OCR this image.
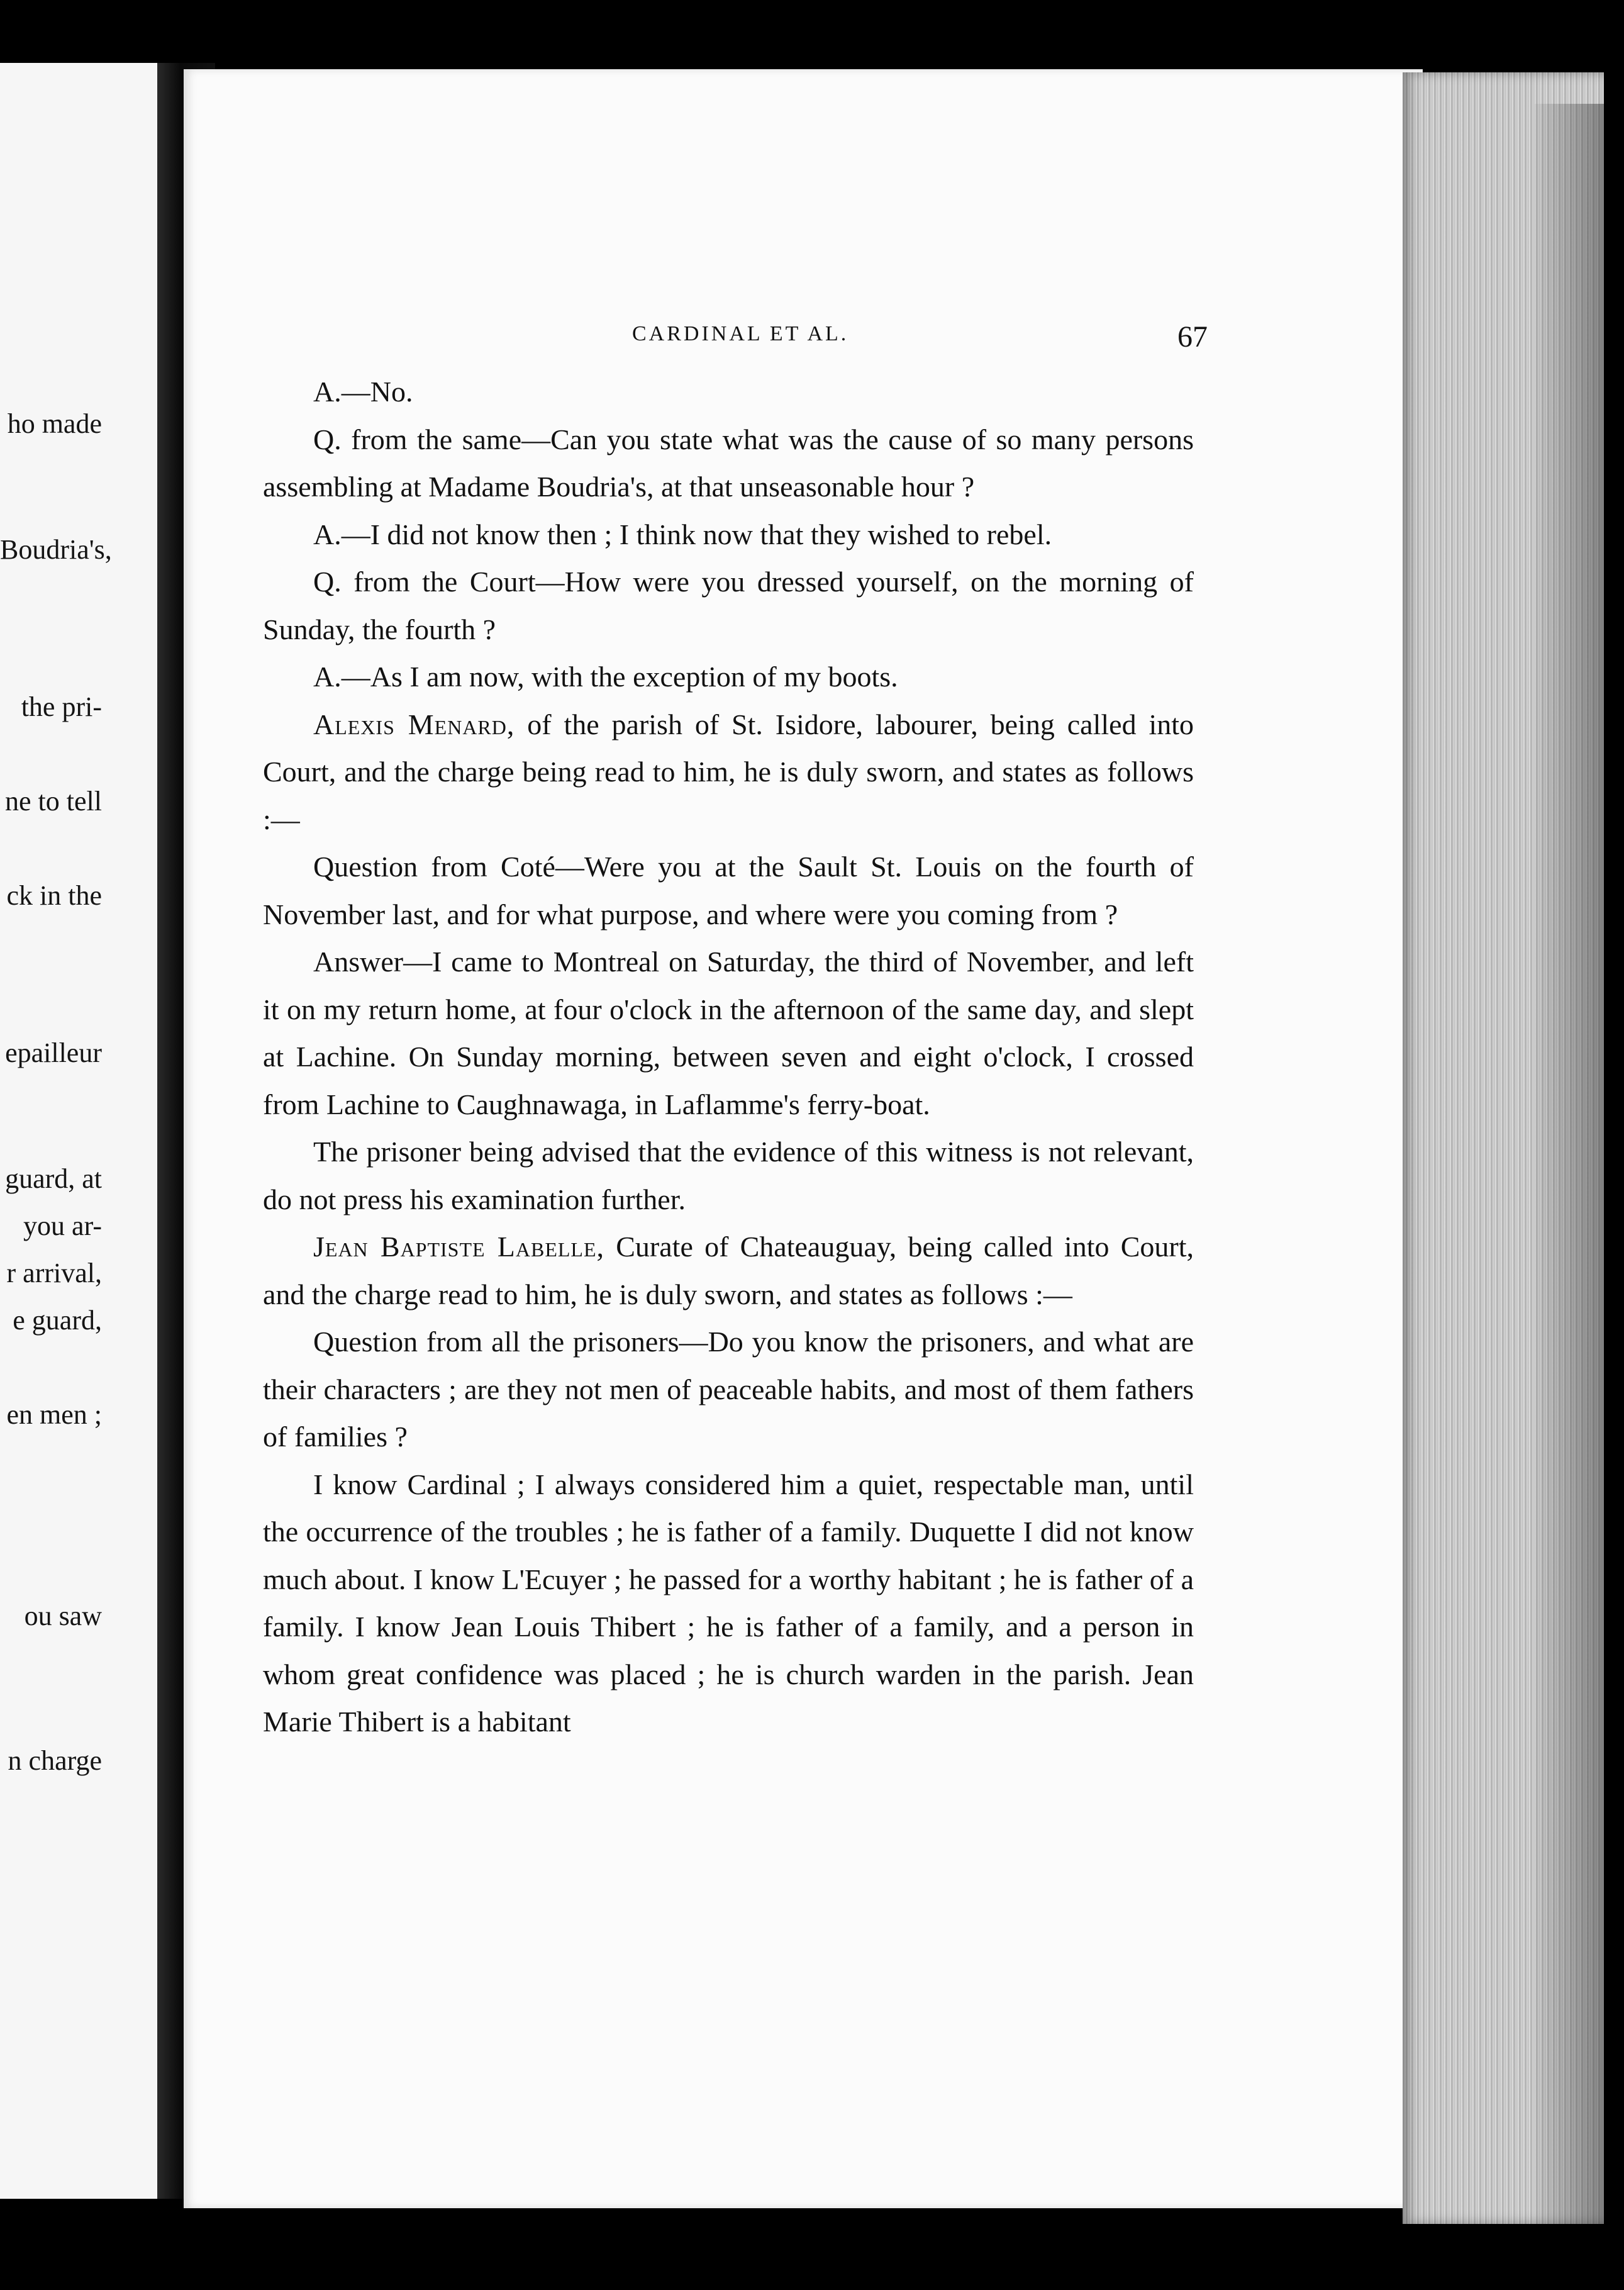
ho made
Boudria's,
the pri-
ne to tell
ck in the
epailleur
guard, at
you ar-
r arrival,
e guard,
en men ;
ou saw
n charge
CARDINAL ET AL.	67

A.—No.

Q. from the same—Can you state what was the cause of so many persons assembling at Madame Boudria's, at that unseasonable hour ?

A.—I did not know then ; I think now that they wished to rebel.

Q. from the Court—How were you dressed yourself, on the morning of Sunday, the fourth ?

A.—As I am now, with the exception of my boots.

Alexis Menard, of the parish of St. Isidore, labourer, being called into Court, and the charge being read to him, he is duly sworn, and states as follows :—

Question from Coté—Were you at the Sault St. Louis on the fourth of November last, and for what purpose, and where were you coming from ?

Answer—I came to Montreal on Saturday, the third of November, and left it on my return home, at four o'clock in the afternoon of the same day, and slept at Lachine. On Sunday morning, between seven and eight o'clock, I crossed from Lachine to Caughnawaga, in Laflamme's ferry-boat.

The prisoner being advised that the evidence of this witness is not relevant, do not press his examination further.

Jean Baptiste Labelle, Curate of Chateauguay, being called into Court, and the charge read to him, he is duly sworn, and states as follows :—

Question from all the prisoners—Do you know the prisoners, and what are their characters ; are they not men of peaceable habits, and most of them fathers of families ?

I know Cardinal ; I always considered him a quiet, respectable man, until the occurrence of the troubles ; he is father of a family. Duquette I did not know much about. I know L'Ecuyer ; he passed for a worthy habitant ; he is father of a family. I know Jean Louis Thibert ; he is father of a family, and a person in whom great confidence was placed ; he is church warden in the parish. Jean Marie Thibert is a habitant
